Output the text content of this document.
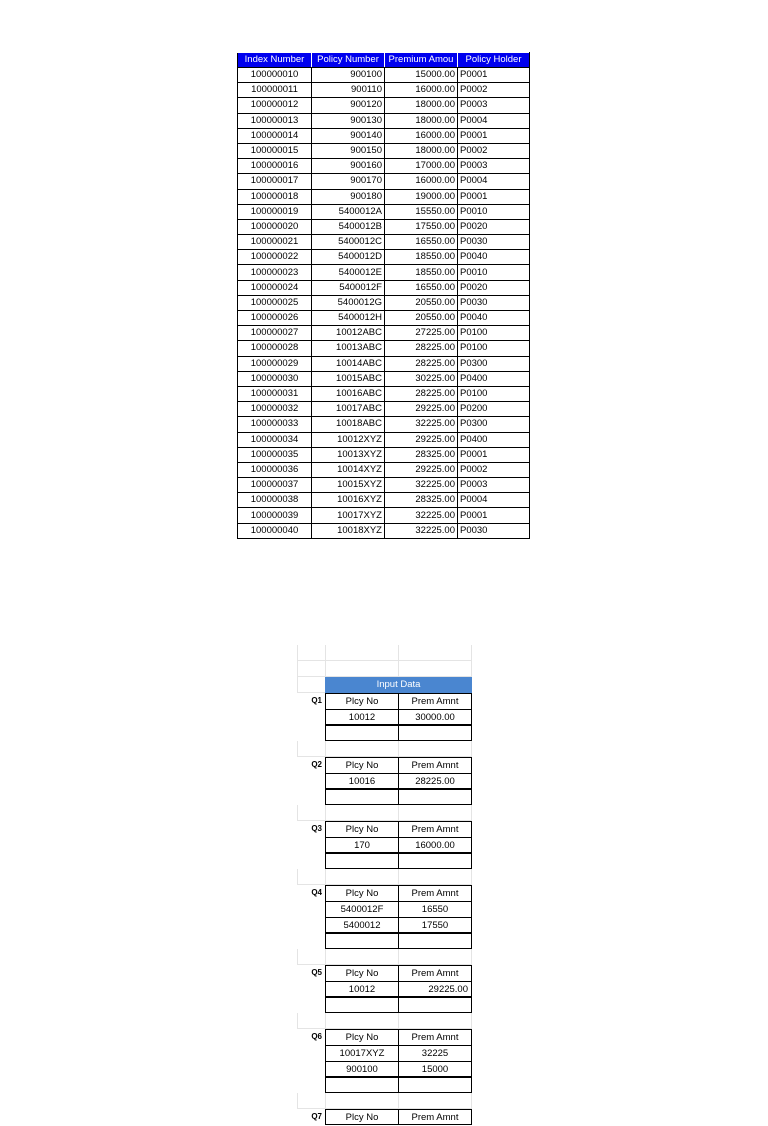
Index Number	Policy Number	Premium Amou	Policy Holder
100000010	900100	15000.00	P0001
100000011	900110	16000.00	P0002
100000012	900120	18000.00	P0003
100000013	900130	18000.00	P0004
100000014	900140	16000.00	P0001
100000015	900150	18000.00	P0002
100000016	900160	17000.00	P0003
100000017	900170	16000.00	P0004
100000018	900180	19000.00	P0001
100000019	5400012A	15550.00	P0010
100000020	5400012B	17550.00	P0020
100000021	5400012C	16550.00	P0030
100000022	5400012D	18550.00	P0040
100000023	5400012E	18550.00	P0010
100000024	5400012F	16550.00	P0020
100000025	5400012G	20550.00	P0030
100000026	5400012H	20550.00	P0040
100000027	10012ABC	27225.00	P0100
100000028	10013ABC	28225.00	P0100
100000029	10014ABC	28225.00	P0300
100000030	10015ABC	30225.00	P0400
100000031	10016ABC	28225.00	P0100
100000032	10017ABC	29225.00	P0200
100000033	10018ABC	32225.00	P0300
100000034	10012XYZ	29225.00	P0400
100000035	10013XYZ	28325.00	P0001
100000036	10014XYZ	29225.00	P0002
100000037	10015XYZ	32225.00	P0003
100000038	10016XYZ	28325.00	P0004
100000039	10017XYZ	32225.00	P0001
100000040	10018XYZ	32225.00	P0030
Input Data
Q1	Plcy No	Prem Amnt
10012	30000.00
Q2	Plcy No	Prem Amnt
10016	28225.00
Q3	Plcy No	Prem Amnt
170	16000.00
Q4	Plcy No	Prem Amnt
5400012F	16550
5400012	17550
Q5	Plcy No	Prem Amnt
10012	29225.00
Q6	Plcy No	Prem Amnt
10017XYZ	32225
900100	15000
Q7	Plcy No	Prem Amnt
